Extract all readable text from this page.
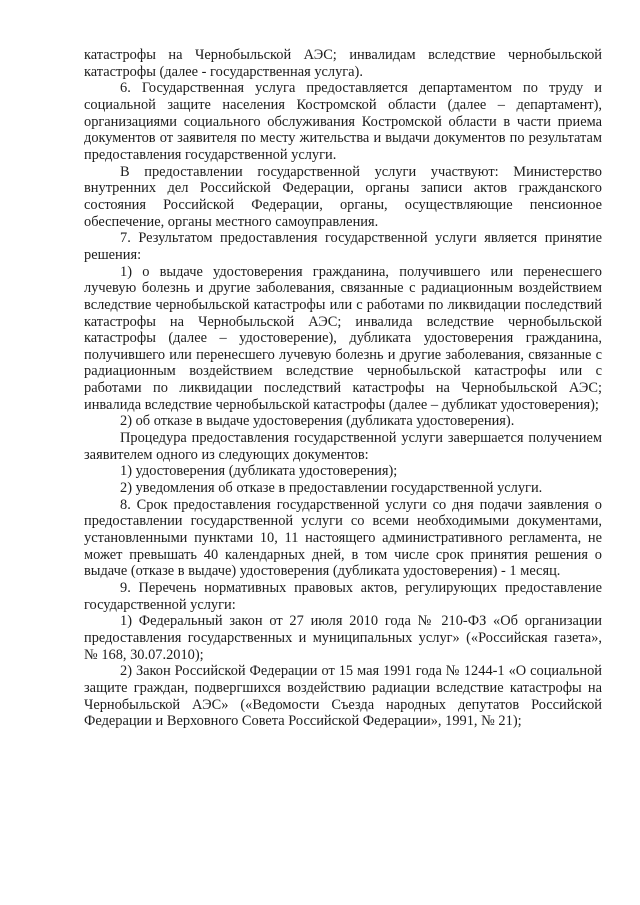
катастрофы на Чернобыльской АЭС; инвалидам вследствие чернобыльской катастрофы (далее - государственная услуга).

6. Государственная услуга предоставляется департаментом по труду и социальной защите населения Костромской области (далее – департамент), организациями социального обслуживания Костромской области в части приема документов от заявителя по месту жительства и выдачи документов по результатам предоставления государственной услуги.

В предоставлении государственной услуги участвуют: Министерство внутренних дел Российской Федерации, органы записи актов гражданского состояния Российской Федерации, органы, осуществляющие пенсионное обеспечение, органы местного самоуправления.

7. Результатом предоставления государственной услуги является принятие решения:

1) о выдаче удостоверения гражданина, получившего или перенесшего лучевую болезнь и другие заболевания, связанные с радиационным воздействием вследствие чернобыльской катастрофы или с работами по ликвидации последствий катастрофы на Чернобыльской АЭС; инвалида вследствие чернобыльской катастрофы (далее – удостоверение), дубликата удостоверения гражданина, получившего или перенесшего лучевую болезнь и другие заболевания, связанные с радиационным воздействием вследствие чернобыльской катастрофы или с работами по ликвидации последствий катастрофы на Чернобыльской АЭС; инвалида вследствие чернобыльской катастрофы (далее – дубликат удостоверения);

2) об отказе в выдаче удостоверения (дубликата удостоверения).

Процедура предоставления государственной услуги завершается получением заявителем одного из следующих документов:

1) удостоверения (дубликата удостоверения);

2) уведомления об отказе в предоставлении государственной услуги.

8. Срок предоставления государственной услуги со дня подачи заявления о предоставлении государственной услуги со всеми необходимыми документами, установленными пунктами 10, 11 настоящего административного регламента, не может превышать 40 календарных дней, в том числе срок принятия решения о выдаче (отказе в выдаче) удостоверения (дубликата удостоверения) - 1 месяц.

9. Перечень нормативных правовых актов, регулирующих предоставление государственной услуги:

1) Федеральный закон от 27 июля 2010 года № 210-ФЗ «Об организации предоставления государственных и муниципальных услуг» («Российская газета», № 168, 30.07.2010);

2) Закон Российской Федерации от 15 мая 1991 года № 1244-1 «О социальной защите граждан, подвергшихся воздействию радиации вследствие катастрофы на Чернобыльской АЭС» («Ведомости Съезда народных депутатов Российской Федерации и Верховного Совета Российской Федерации», 1991, № 21);
